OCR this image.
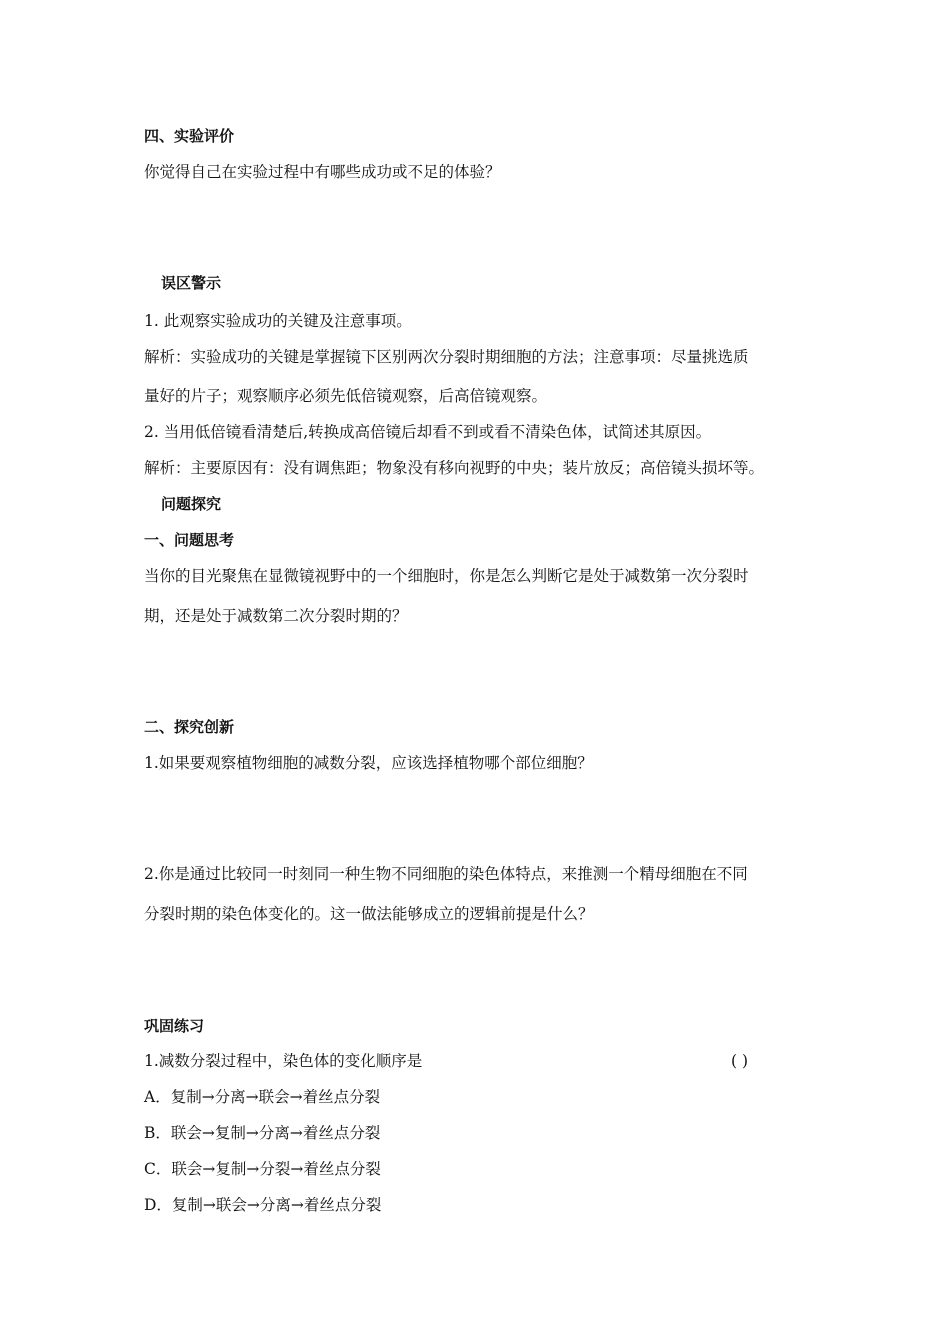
四、实验评价
你觉得自己在实验过程中有哪些成功或不足的体验？
误区警示
1. 此观察实验成功的关键及注意事项。
解析：实验成功的关键是掌握镜下区别两次分裂时期细胞的方法；注意事项：尽量挑选质
量好的片子；观察顺序必须先低倍镜观察，后高倍镜观察。
2. 当用低倍镜看清楚后,转换成高倍镜后却看不到或看不清染色体，试简述其原因。
解析：主要原因有：没有调焦距；物象没有移向视野的中央；装片放反；高倍镜头损坏等。
问题探究
一、问题思考
当你的目光聚焦在显微镜视野中的一个细胞时，你是怎么判断它是处于减数第一次分裂时
期，还是处于减数第二次分裂时期的？
二、探究创新
1.如果要观察植物细胞的减数分裂，应该选择植物哪个部位细胞？
2.你是通过比较同一时刻同一种生物不同细胞的染色体特点，来推测一个精母细胞在不同
分裂时期的染色体变化的。这一做法能够成立的逻辑前提是什么？
巩固练习
1.减数分裂过程中，染色体的变化顺序是	( )
A．复制→分离→联会→着丝点分裂
B．联会→复制→分离→着丝点分裂
C．联会→复制→分裂→着丝点分裂
D．复制→联会→分离→着丝点分裂
